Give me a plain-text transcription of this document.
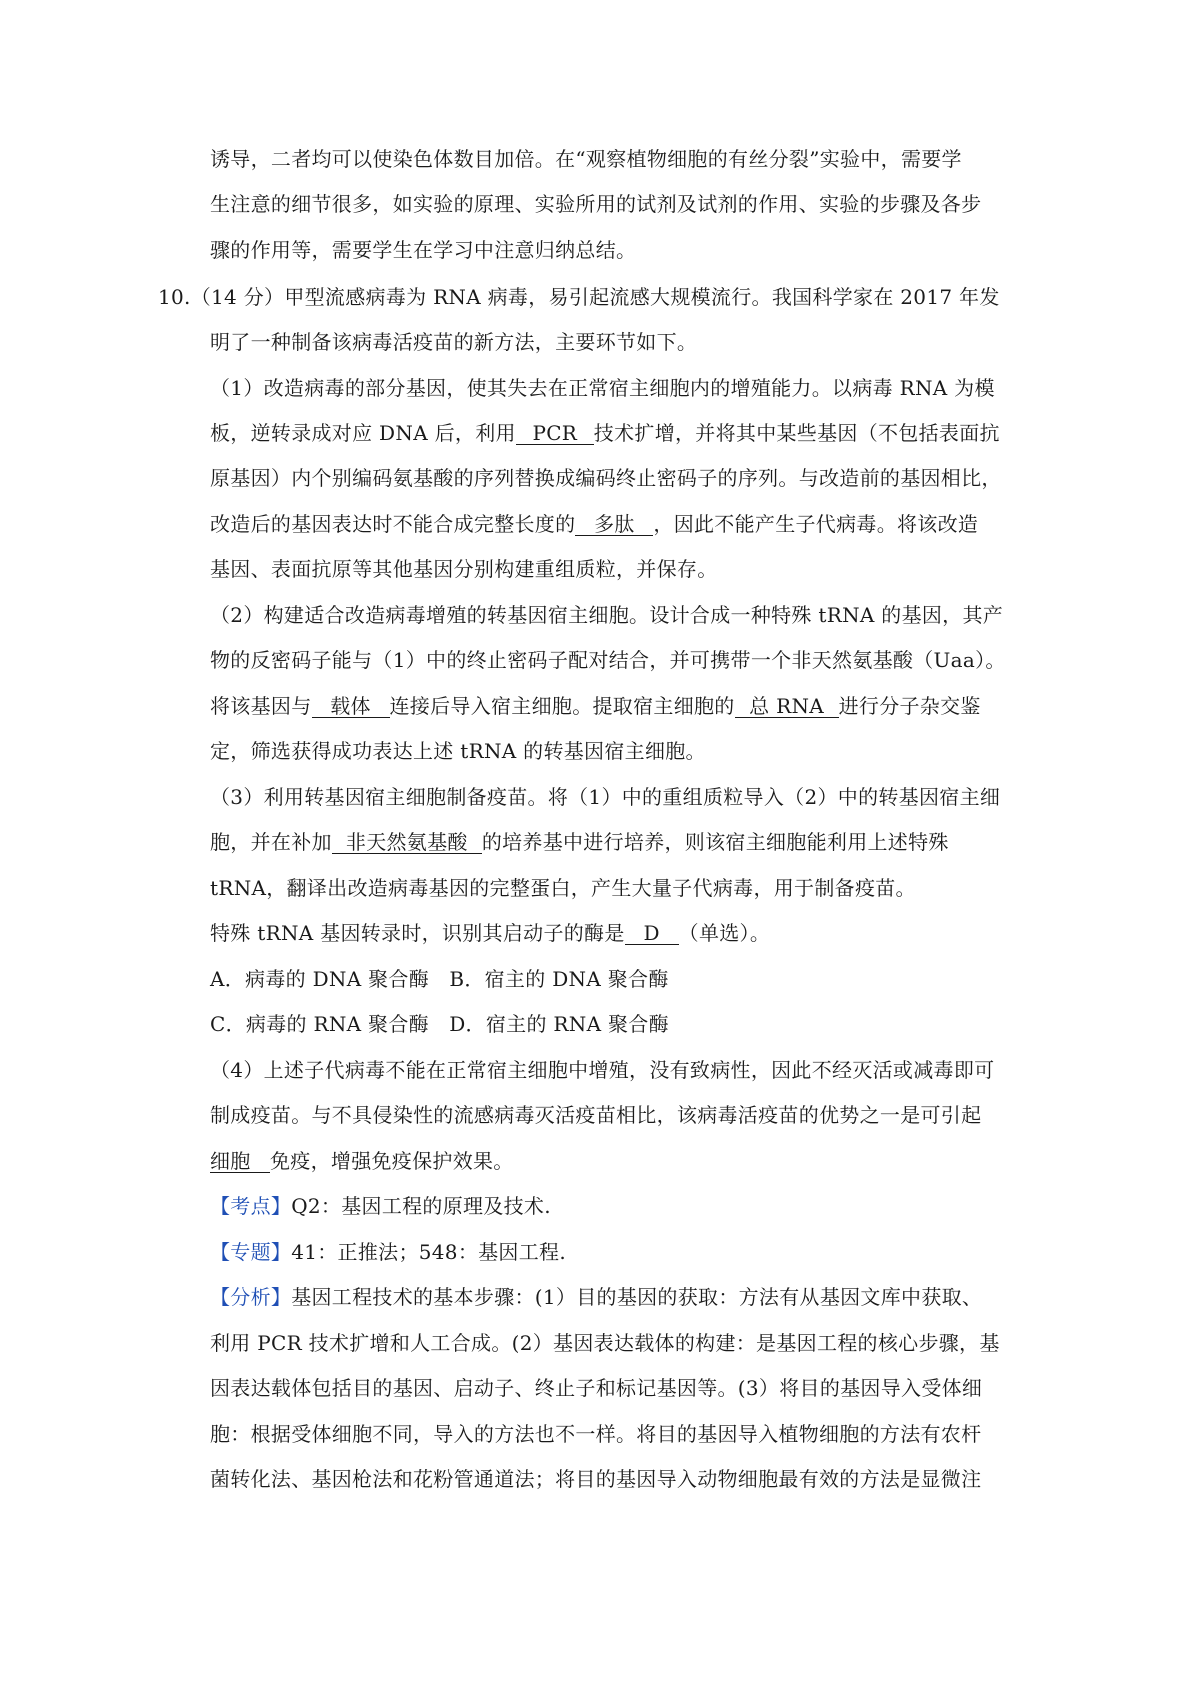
诱导，二者均可以使染色体数目加倍。在“观察植物细胞的有丝分裂”实验中，需要学
生注意的细节很多，如实验的原理、实验所用的试剂及试剂的作用、实验的步骤及各步
骤的作用等，需要学生在学习中注意归纳总结。
10.（14 分）甲型流感病毒为 RNA 病毒，易引起流感大规模流行。我国科学家在 2017 年发
明了一种制备该病毒活疫苗的新方法，主要环节如下。
（1）改造病毒的部分基因，使其失去在正常宿主细胞内的增殖能力。以病毒 RNA 为模
板，逆转录成对应 DNA 后，利用 PCR 技术扩增，并将其中某些基因（不包括表面抗
原基因）内个别编码氨基酸的序列替换成编码终止密码子的序列。与改造前的基因相比，
改造后的基因表达时不能合成完整长度的 多肽 ，因此不能产生子代病毒。将该改造
基因、表面抗原等其他基因分别构建重组质粒，并保存。
（2）构建适合改造病毒增殖的转基因宿主细胞。设计合成一种特殊 tRNA 的基因，其产
物的反密码子能与（1）中的终止密码子配对结合，并可携带一个非天然氨基酸（Uaa）。
将该基因与 载体 连接后导入宿主细胞。提取宿主细胞的 总 RNA 进行分子杂交鉴
定，筛选获得成功表达上述 tRNA 的转基因宿主细胞。
（3）利用转基因宿主细胞制备疫苗。将（1）中的重组质粒导入（2）中的转基因宿主细
胞，并在补加 非天然氨基酸 的培养基中进行培养，则该宿主细胞能利用上述特殊
tRNA，翻译出改造病毒基因的完整蛋白，产生大量子代病毒，用于制备疫苗。
特殊 tRNA 基因转录时，识别其启动子的酶是 D （单选）。
A．病毒的 DNA 聚合酶　B．宿主的 DNA 聚合酶
C．病毒的 RNA 聚合酶　D．宿主的 RNA 聚合酶
（4）上述子代病毒不能在正常宿主细胞中增殖，没有致病性，因此不经灭活或减毒即可
制成疫苗。与不具侵染性的流感病毒灭活疫苗相比，该病毒活疫苗的优势之一是可引起
细胞 免疫，增强免疫保护效果。
【考点】Q2：基因工程的原理及技术.
【专题】41：正推法；548：基因工程.
【分析】基因工程技术的基本步骤：(1）目的基因的获取：方法有从基因文库中获取、
利用 PCR 技术扩增和人工合成。(2）基因表达载体的构建：是基因工程的核心步骤，基
因表达载体包括目的基因、启动子、终止子和标记基因等。(3）将目的基因导入受体细
胞：根据受体细胞不同，导入的方法也不一样。将目的基因导入植物细胞的方法有农杆
菌转化法、基因枪法和花粉管通道法；将目的基因导入动物细胞最有效的方法是显微注
